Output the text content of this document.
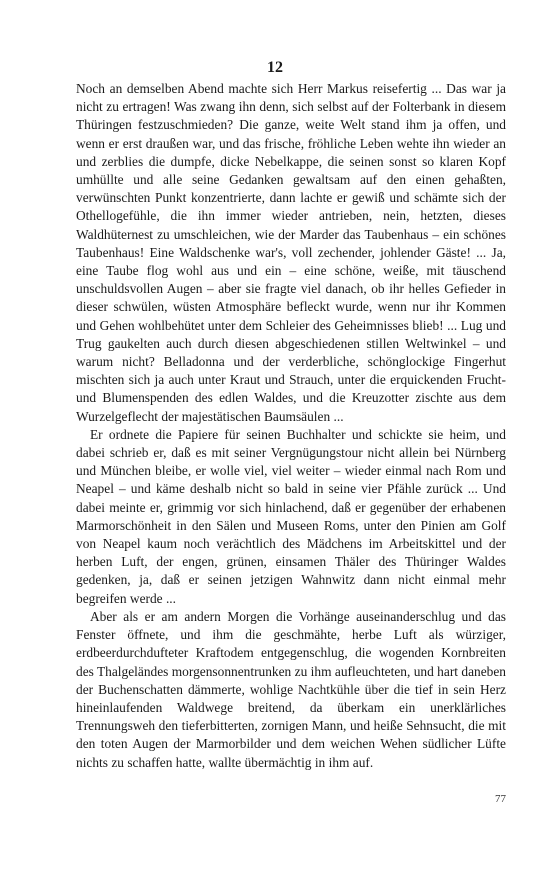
12

Noch an demselben Abend machte sich Herr Markus reisefertig ... Das war ja nicht zu ertragen! Was zwang ihn denn, sich selbst auf der Folterbank in diesem Thüringen festzuschmieden? Die ganze, weite Welt stand ihm ja offen, und wenn er erst draußen war, und das frische, fröhliche Leben wehte ihn wieder an und zerblies die dumpfe, dicke Nebelkappe, die seinen sonst so klaren Kopf umhüllte und alle seine Gedanken gewaltsam auf den einen gehaßten, verwünschten Punkt konzentrierte, dann lachte er gewiß und schämte sich der Othellogefühle, die ihn immer wieder antrieben, nein, hetzten, dieses Waldhüternest zu umschleichen, wie der Marder das Taubenhaus – ein schönes Taubenhaus! Eine Waldschenke war's, voll zechender, johlender Gäste! ... Ja, eine Taube flog wohl aus und ein – eine schöne, weiße, mit täuschend unschuldsvollen Augen – aber sie fragte viel danach, ob ihr helles Gefieder in dieser schwülen, wüsten Atmosphäre befleckt wurde, wenn nur ihr Kommen und Gehen wohlbehütet unter dem Schleier des Geheimnisses blieb! ... Lug und Trug gaukelten auch durch diesen abgeschiedenen stillen Weltwinkel – und warum nicht? Belladonna und der verderbliche, schönglockige Fingerhut mischten sich ja auch unter Kraut und Strauch, unter die erquickenden Frucht- und Blumenspenden des edlen Waldes, und die Kreuzotter zischte aus dem Wurzelgeflecht der majestätischen Baumsäulen ...

Er ordnete die Papiere für seinen Buchhalter und schickte sie heim, und dabei schrieb er, daß es mit seiner Vergnügungstour nicht allein bei Nürnberg und München bleibe, er wolle viel, viel weiter – wieder einmal nach Rom und Neapel – und käme deshalb nicht so bald in seine vier Pfähle zurück ... Und dabei meinte er, grimmig vor sich hinlachend, daß er gegenüber der erhabenen Marmorschönheit in den Sälen und Museen Roms, unter den Pinien am Golf von Neapel kaum noch verächtlich des Mädchens im Arbeitskittel und der herben Luft, der engen, grünen, einsamen Thäler des Thüringer Waldes gedenken, ja, daß er seinen jetzigen Wahnwitz dann nicht einmal mehr begreifen werde ...

Aber als er am andern Morgen die Vorhänge auseinanderschlug und das Fenster öffnete, und ihm die geschmähte, herbe Luft als würziger, erdbeerdurchdufteter Kraftodem entgegenschlug, die wogenden Kornbreiten des Thalgeländes morgensonnentrunken zu ihm aufleuchteten, und hart daneben der Buchenschatten dämmerte, wohlige Nachtkühle über die tief in sein Herz hineinlaufenden Waldwege breitend, da überkam ein unerklärliches Trennungsweh den tieferbitterten, zornigen Mann, und heiße Sehnsucht, die mit den toten Augen der Marmorbilder und dem weichen Wehen südlicher Lüfte nichts zu schaffen hatte, wallte übermächtig in ihm auf.

77
